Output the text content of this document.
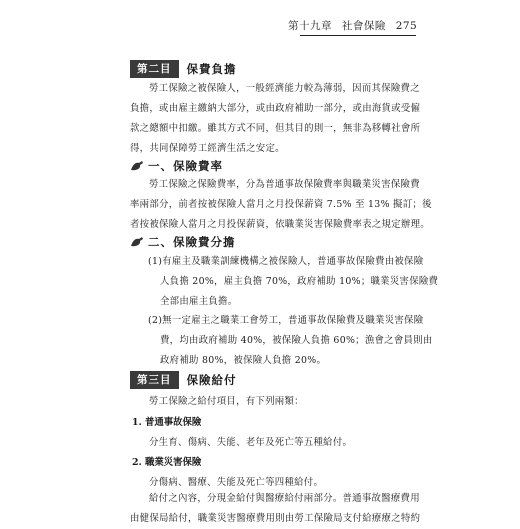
第十九章 社會保險 275
第二目	保費負擔
勞工保險之被保險人，一般經濟能力較為薄弱，因而其保險費之
負擔，或由雇主繳納大部分，或由政府補助一部分，或由海貨或受僱
款之總額中扣繳。雖其方式不同，但其目的則一，無非為移轉社會所
得，共同保障勞工經濟生活之安定。
一、保險費率
勞工保險之保險費率，分為普通事故保險費率與職業災害保險費
率兩部分，前者按被保險人當月之月投保薪資 7.5% 至 13% 擬訂；後
者按被保險人當月之月投保薪資，依職業災害保險費率表之規定辦理。
二、保險費分擔
(1)有雇主及職業訓練機構之被保險人，普通事故保險費由被保險
人負擔 20%，雇主負擔 70%，政府補助 10%；職業災害保險費
全部由雇主負擔。
(2)無一定雇主之職業工會勞工，普通事故保險費及職業災害保險
費，均由政府補助 40%，被保險人負擔 60%；漁會之會員則由
政府補助 80%，被保險人負擔 20%。
第三目	保險給付
勞工保險之給付項目，有下列兩類：
1. 普通事故保險
分生育、傷病、失能、老年及死亡等五種給付。
2. 職業災害保險
分傷病、醫療、失能及死亡等四種給付。
給付之內容，分現金給付與醫療給付兩部分。普通事故醫療費用
由健保局給付，職業災害醫療費用則由勞工保險局支付給療療之特約
